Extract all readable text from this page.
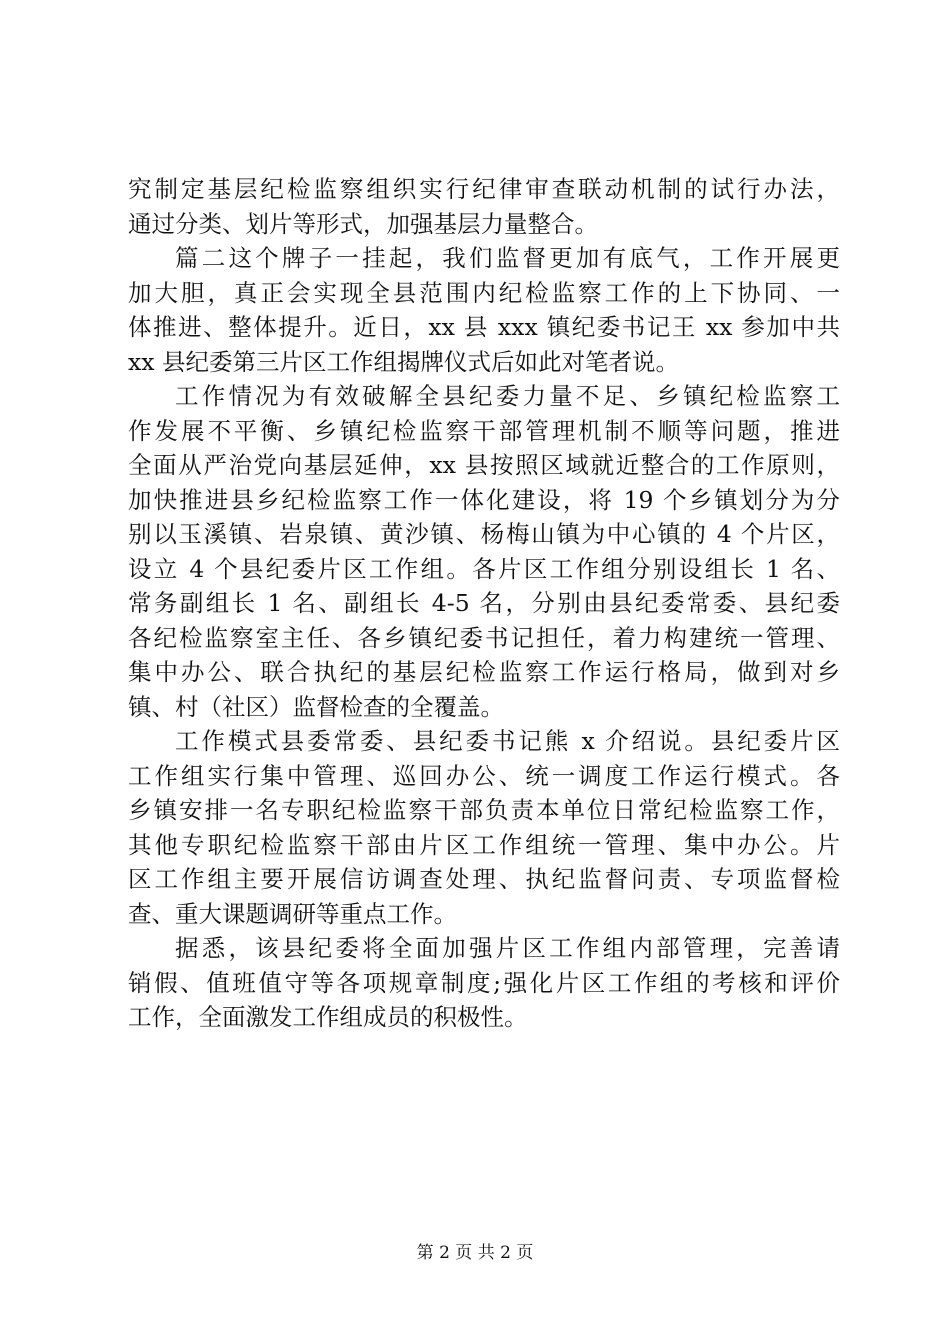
究制定基层纪检监察组织实行纪律审查联动机制的试行办法，
通过分类、划片等形式，加强基层力量整合。
篇二这个牌子一挂起，我们监督更加有底气，工作开展更
加大胆，真正会实现全县范围内纪检监察工作的上下协同、一
体推进、整体提升。近日，xx 县 xxx 镇纪委书记王 xx 参加中共
xx 县纪委第三片区工作组揭牌仪式后如此对笔者说。
工作情况为有效破解全县纪委力量不足、乡镇纪检监察工
作发展不平衡、乡镇纪检监察干部管理机制不顺等问题，推进
全面从严治党向基层延伸，xx 县按照区域就近整合的工作原则，
加快推进县乡纪检监察工作一体化建设，将 19 个乡镇划分为分
别以玉溪镇、岩泉镇、黄沙镇、杨梅山镇为中心镇的 4 个片区，
设立 4 个县纪委片区工作组。各片区工作组分别设组长 1 名、
常务副组长 1 名、副组长 4-5 名，分别由县纪委常委、县纪委
各纪检监察室主任、各乡镇纪委书记担任，着力构建统一管理、
集中办公、联合执纪的基层纪检监察工作运行格局，做到对乡
镇、村（社区）监督检查的全覆盖。
工作模式县委常委、县纪委书记熊 x 介绍说。县纪委片区
工作组实行集中管理、巡回办公、统一调度工作运行模式。各
乡镇安排一名专职纪检监察干部负责本单位日常纪检监察工作，
其他专职纪检监察干部由片区工作组统一管理、集中办公。片
区工作组主要开展信访调查处理、执纪监督问责、专项监督检
查、重大课题调研等重点工作。
据悉，该县纪委将全面加强片区工作组内部管理，完善请
销假、值班值守等各项规章制度;强化片区工作组的考核和评价
工作，全面激发工作组成员的积极性。
第 2 页 共 2 页
